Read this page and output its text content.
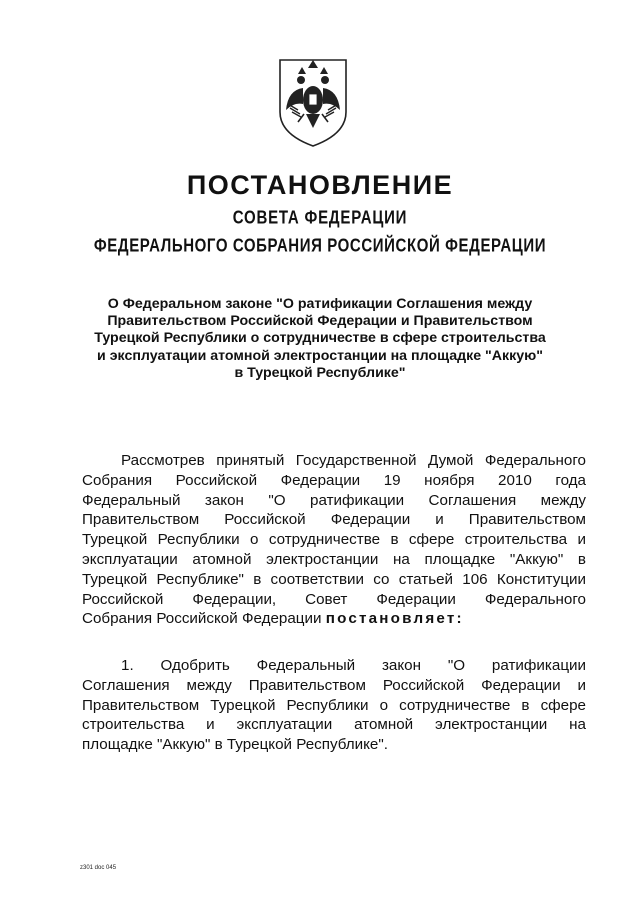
ПОСТАНОВЛЕНИЕ
СОВЕТА ФЕДЕРАЦИИ
ФЕДЕРАЛЬНОГО СОБРАНИЯ РОССИЙСКОЙ ФЕДЕРАЦИИ
О Федеральном законе "О ратификации Соглашения между
Правительством Российской Федерации и Правительством
Турецкой Республики о сотрудничестве в сфере строительства
и эксплуатации атомной электростанции на площадке "Аккую"
в Турецкой Республике"
Рассмотрев принятый Государственной Думой Федерального
Собрания Российской Федерации 19 ноября 2010 года
Федеральный закон "О ратификации Соглашения между
Правительством Российской Федерации и Правительством
Турецкой Республики о сотрудничестве в сфере строительства и
эксплуатации атомной электростанции на площадке "Аккую" в
Турецкой Республике" в соответствии со статьей 106 Конституции
Российской Федерации, Совет Федерации Федерального
Собрания Российской Федерации постановляет:
1. Одобрить Федеральный закон "О ратификации
Соглашения между Правительством Российской Федерации и
Правительством Турецкой Республики о сотрудничестве в сфере
строительства и эксплуатации атомной электростанции на
площадке "Аккую" в Турецкой Республике".
z301 doc 045
